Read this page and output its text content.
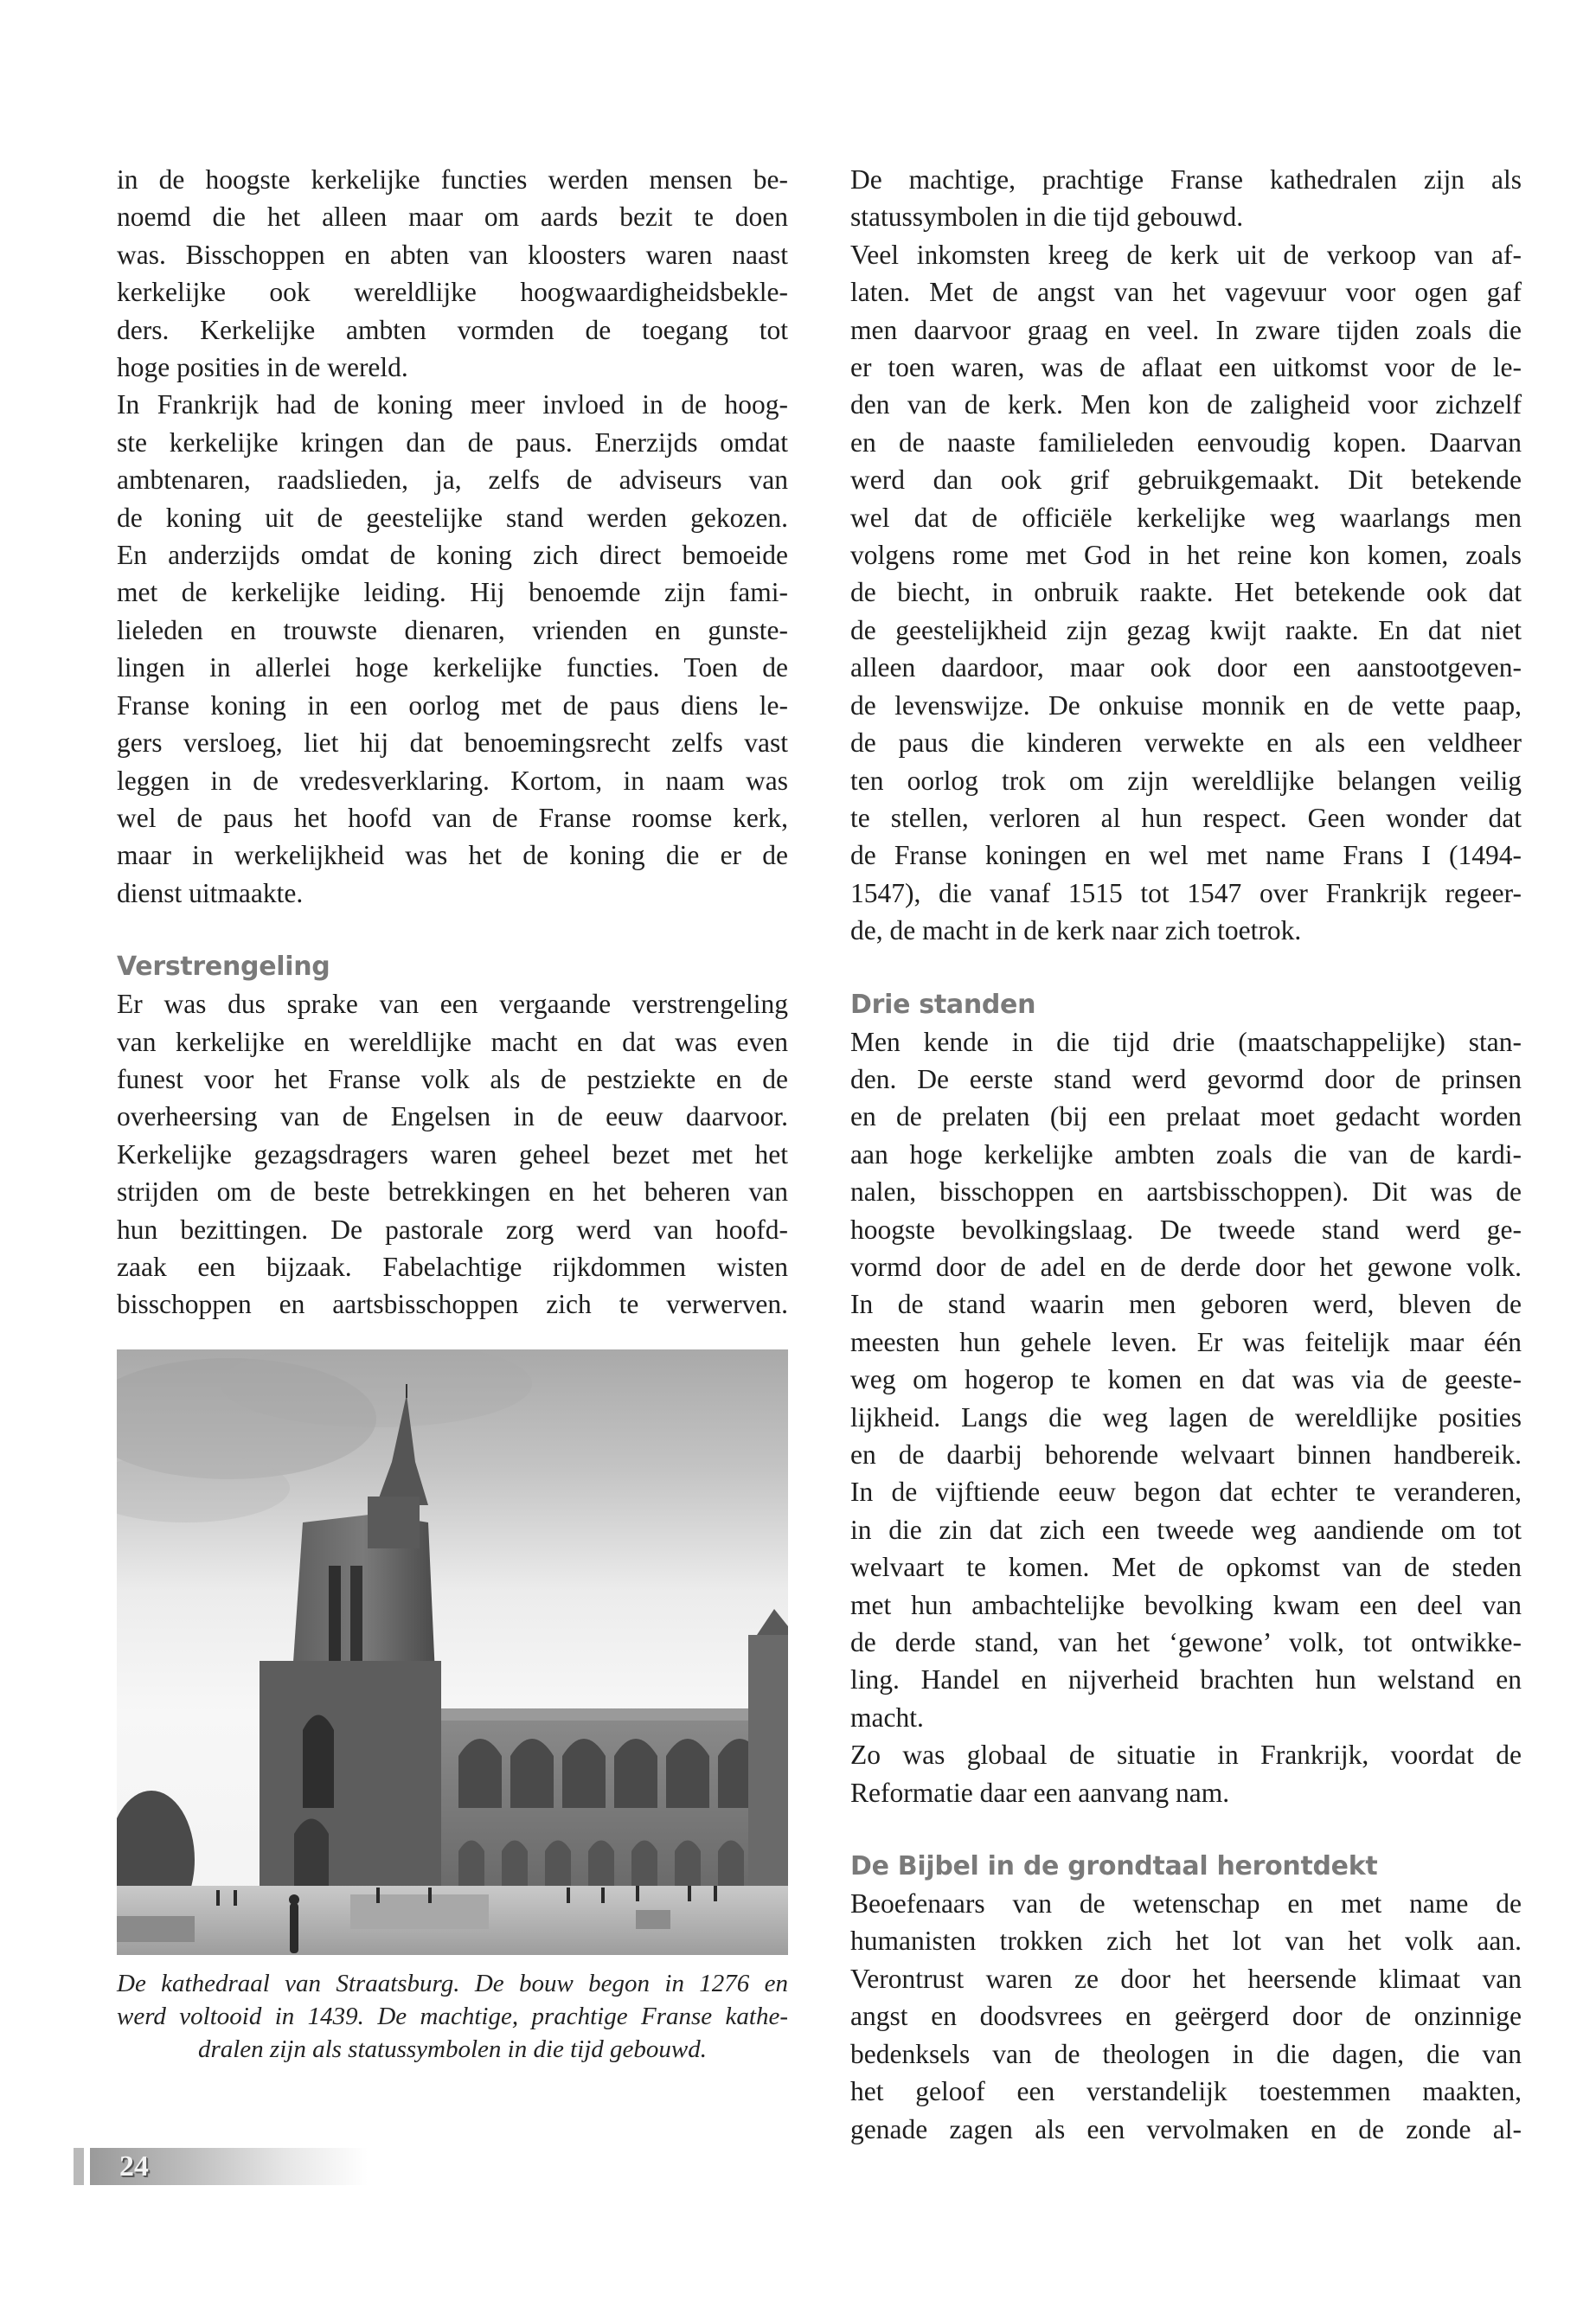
in de hoogste kerkelijke functies werden mensen be-
noemd die het alleen maar om aards bezit te doen
was. Bisschoppen en abten van kloosters waren naast
kerkelijke ook wereldlijke hoogwaardigheidsbekle-
ders. Kerkelijke ambten vormden de toegang tot
hoge posities in de wereld.

In Frankrijk had de koning meer invloed in de hoog-
ste kerkelijke kringen dan de paus. Enerzijds omdat
ambtenaren, raadslieden, ja, zelfs de adviseurs van
de koning uit de geestelijke stand werden gekozen.
En anderzijds omdat de koning zich direct bemoeide
met de kerkelijke leiding. Hij benoemde zijn fami-
lieleden en trouwste dienaren, vrienden en gunste-
lingen in allerlei hoge kerkelijke functies. Toen de
Franse koning in een oorlog met de paus diens le-
gers versloeg, liet hij dat benoemingsrecht zelfs vast
leggen in de vredesverklaring. Kortom, in naam was
wel de paus het hoofd van de Franse roomse kerk,
maar in werkelijkheid was het de koning die er de
dienst uitmaakte.

Verstrengeling

Er was dus sprake van een vergaande verstrengeling
van kerkelijke en wereldlijke macht en dat was even
funest voor het Franse volk als de pestziekte en de
overheersing van de Engelsen in de eeuw daarvoor.
Kerkelijke gezagsdragers waren geheel bezet met het
strijden om de beste betrekkingen en het beheren van
hun bezittingen. De pastorale zorg werd van hoofd-
zaak een bijzaak. Fabelachtige rijkdommen wisten
bisschoppen en aartsbisschoppen zich te verwerven.

De kathedraal van Straatsburg. De bouw begon in 1276 en
werd voltooid in 1439. De machtige, prachtige Franse kathe-
dralen zijn als statussymbolen in die tijd gebouwd.

De machtige, prachtige Franse kathedralen zijn als
statussymbolen in die tijd gebouwd.

Veel inkomsten kreeg de kerk uit de verkoop van af-
laten. Met de angst van het vagevuur voor ogen gaf
men daarvoor graag en veel. In zware tijden zoals die
er toen waren, was de aflaat een uitkomst voor de le-
den van de kerk. Men kon de zaligheid voor zichzelf
en de naaste familieleden eenvoudig kopen. Daarvan
werd dan ook grif gebruikgemaakt. Dit betekende
wel dat de officiële kerkelijke weg waarlangs men
volgens rome met God in het reine kon komen, zoals
de biecht, in onbruik raakte. Het betekende ook dat
de geestelijkheid zijn gezag kwijt raakte. En dat niet
alleen daardoor, maar ook door een aanstootgeven-
de levenswijze. De onkuise monnik en de vette paap,
de paus die kinderen verwekte en als een veldheer
ten oorlog trok om zijn wereldlijke belangen veilig
te stellen, verloren al hun respect. Geen wonder dat
de Franse koningen en wel met name Frans I (1494-
1547), die vanaf 1515 tot 1547 over Frankrijk regeer-
de, de macht in de kerk naar zich toetrok.

Drie standen

Men kende in die tijd drie (maatschappelijke) stan-
den. De eerste stand werd gevormd door de prinsen
en de prelaten (bij een prelaat moet gedacht worden
aan hoge kerkelijke ambten zoals die van de kardi-
nalen, bisschoppen en aartsbisschoppen). Dit was de
hoogste bevolkingslaag. De tweede stand werd ge-
vormd door de adel en de derde door het gewone volk.
In de stand waarin men geboren werd, bleven de
meesten hun gehele leven. Er was feitelijk maar één
weg om hogerop te komen en dat was via de geeste-
lijkheid. Langs die weg lagen de wereldlijke posities
en de daarbij behorende welvaart binnen handbereik.
In de vijftiende eeuw begon dat echter te veranderen,
in die zin dat zich een tweede weg aandiende om tot
welvaart te komen. Met de opkomst van de steden
met hun ambachtelijke bevolking kwam een deel van
de derde stand, van het ‘gewone’ volk, tot ontwikke-
ling. Handel en nijverheid brachten hun welstand en
macht.

Zo was globaal de situatie in Frankrijk, voordat de
Reformatie daar een aanvang nam.

De Bijbel in de grondtaal herontdekt

Beoefenaars van de wetenschap en met name de
humanisten trokken zich het lot van het volk aan.
Verontrust waren ze door het heersende klimaat van
angst en doodsvrees en geërgerd door de onzinnige
bedenksels van de theologen in die dagen, die van
het geloof een verstandelijk toestemmen maakten,
genade zagen als een vervolmaken en de zonde al-

24
